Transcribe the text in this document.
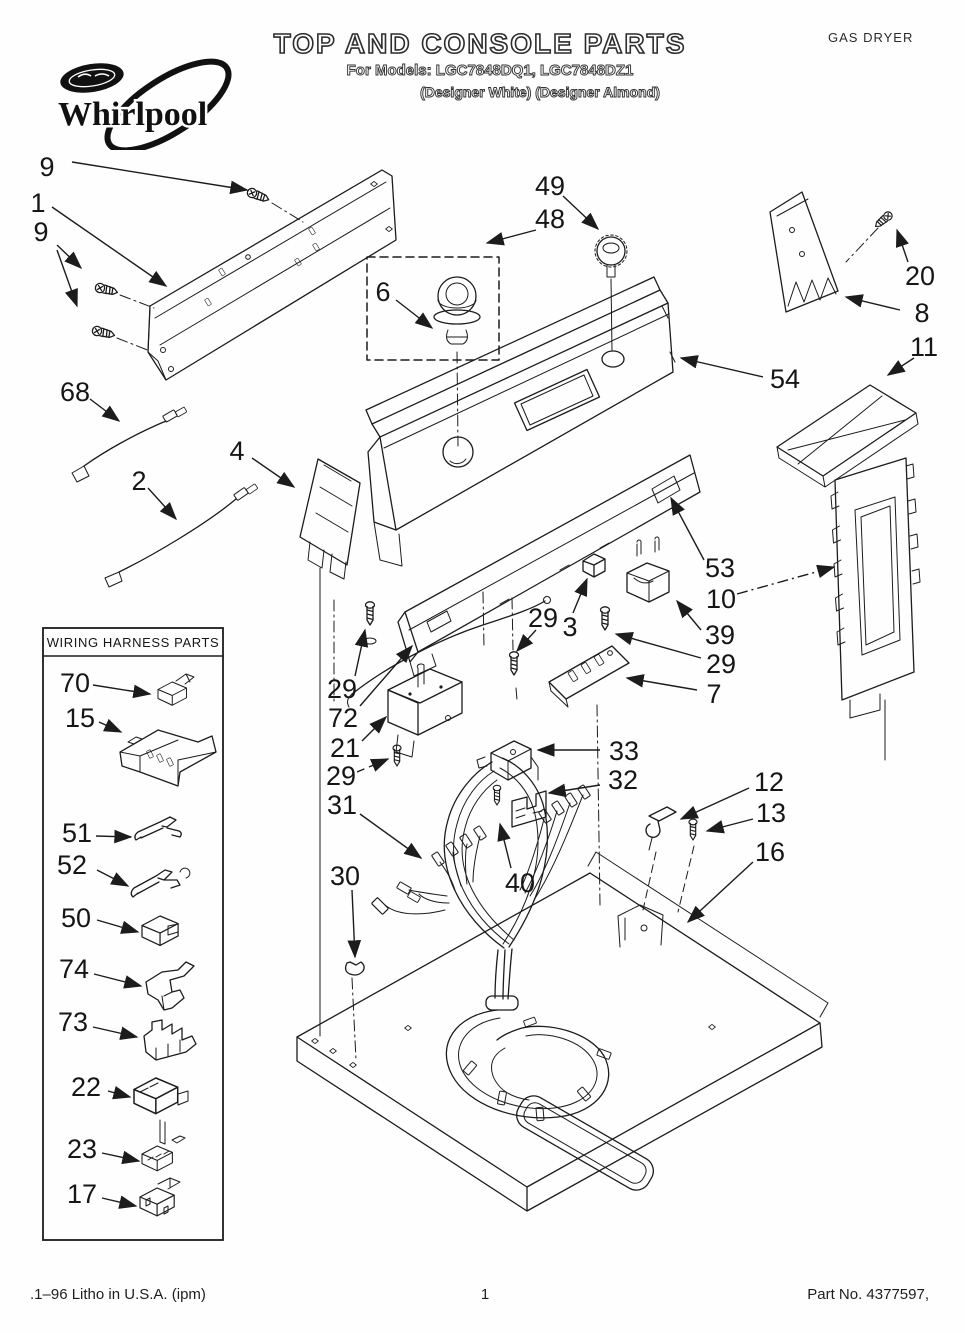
Whirlpool
TOP AND CONSOLE PARTS
For Models: LGC7848DQ1, LGC7848DZ1
(Designer White) (Designer Almond)
GAS DRYER
9
1
9
68
2
4
6
49
48
20
8
11
54
53
10
39
29
7
3
29
29
72
21
29
31
30	40
33
32	12
13
16
WIRING HARNESS PARTS
70
15
51
52
50
74
73
22
23
17
.1–96 Litho in U.S.A. (ipm)	1	Part No. 4377597,
